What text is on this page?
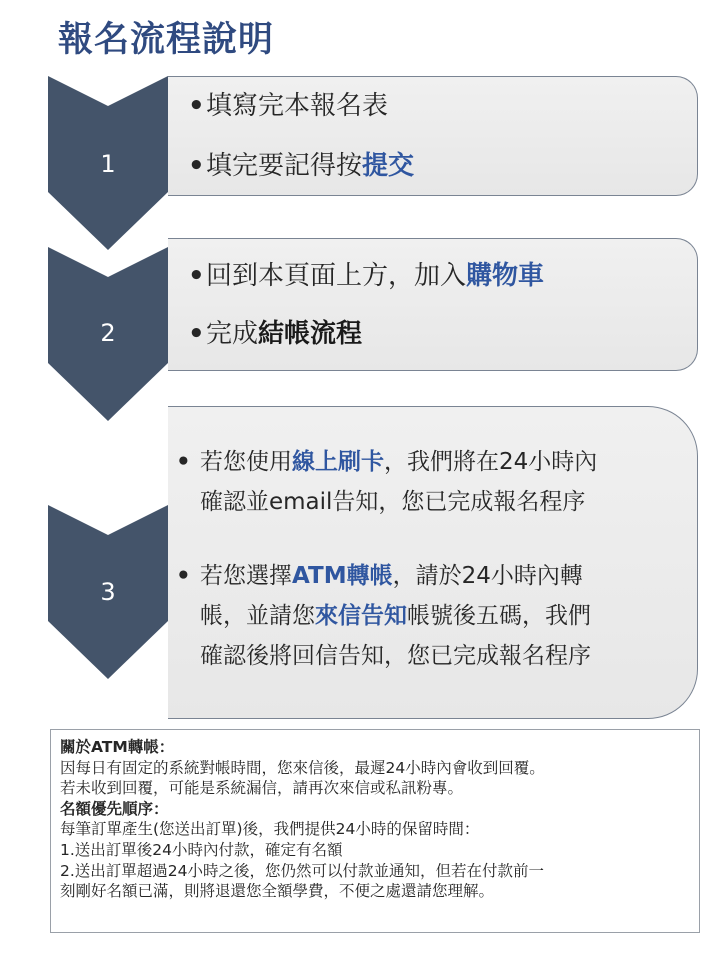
報名流程說明
1
• 填寫完本報名表
• 填完要記得按 提交
2
• 回到本頁面上方，加入 購物車
• 完成 結帳流程
3
• 若您使用線上刷卡，我們將在24小時內
確認並email告知，您已完成報名程序
• 若您選擇ATM轉帳，請於24小時內轉
帳，並請您來信告知帳號後五碼，我們
確認後將回信告知，您已完成報名程序
關於ATM轉帳：
因每日有固定的系統對帳時間，您來信後，最遲24小時內會收到回覆。
若未收到回覆，可能是系統漏信，請再次來信或私訊粉專。
名額優先順序：
每筆訂單產生(您送出訂單)後，我們提供24小時的保留時間：
1.送出訂單後24小時內付款，確定有名額
2.送出訂單超過24小時之後，您仍然可以付款並通知，但若在付款前一
刻剛好名額已滿，則將退還您全額學費，不便之處還請您理解。
